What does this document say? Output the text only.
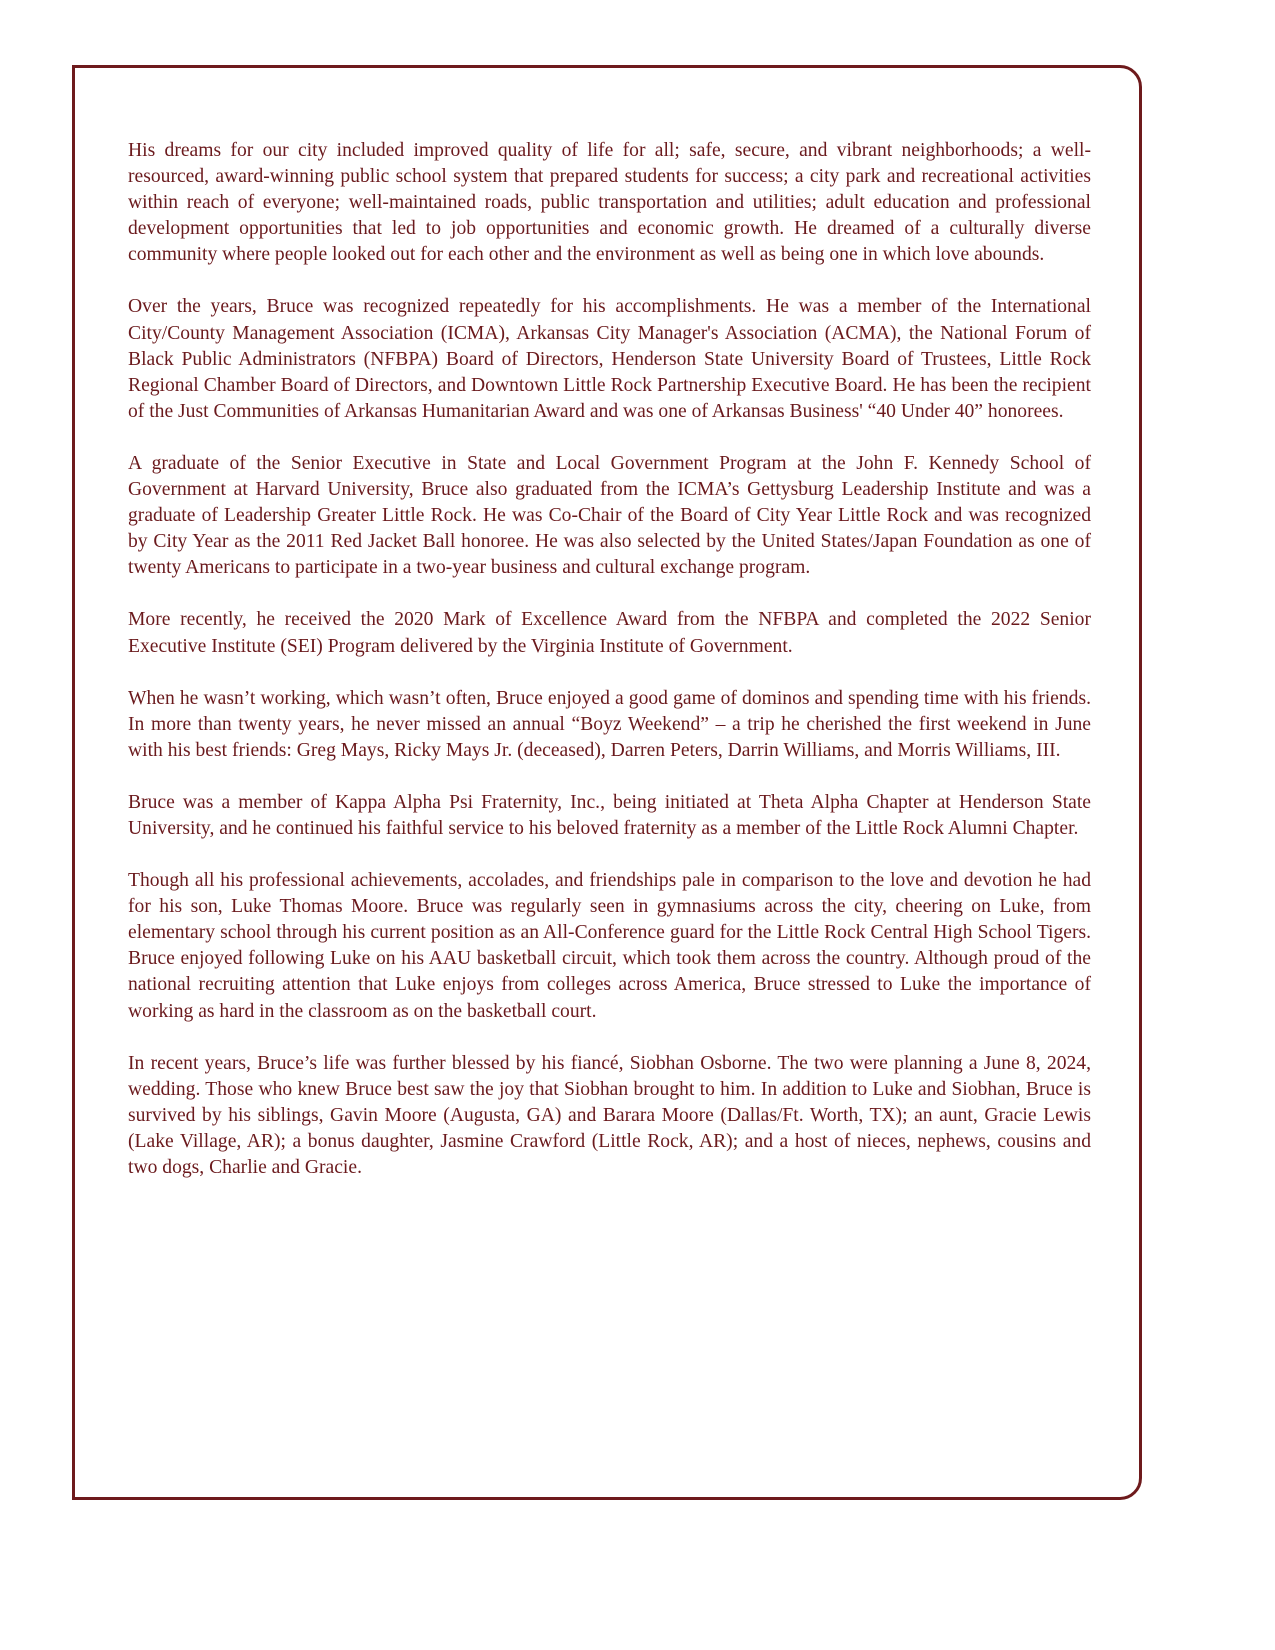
His dreams for our city included improved quality of life for all; safe, secure, and vibrant neighborhoods; a well-resourced, award-winning public school system that prepared students for success; a city park and recreational activities within reach of everyone; well-maintained roads, public transportation and utilities; adult education and professional development opportunities that led to job opportunities and economic growth. He dreamed of a culturally diverse community where people looked out for each other and the environment as well as being one in which love abounds.

Over the years, Bruce was recognized repeatedly for his accomplishments. He was a member of the International City/County Management Association (ICMA), Arkansas City Manager's Association (ACMA), the National Forum of Black Public Administrators (NFBPA) Board of Directors, Henderson State University Board of Trustees, Little Rock Regional Chamber Board of Directors, and Downtown Little Rock Partnership Executive Board. He has been the recipient of the Just Communities of Arkansas Humanitarian Award and was one of Arkansas Business' “40 Under 40” honorees.

A graduate of the Senior Executive in State and Local Government Program at the John F. Kennedy School of Government at Harvard University, Bruce also graduated from the ICMA’s Gettysburg Leadership Institute and was a graduate of Leadership Greater Little Rock. He was Co-Chair of the Board of City Year Little Rock and was recognized by City Year as the 2011 Red Jacket Ball honoree. He was also selected by the United States/Japan Foundation as one of twenty Americans to participate in a two-year business and cultural exchange program.

More recently, he received the 2020 Mark of Excellence Award from the NFBPA and completed the 2022 Senior Executive Institute (SEI) Program delivered by the Virginia Institute of Government.

When he wasn’t working, which wasn’t often, Bruce enjoyed a good game of dominos and spending time with his friends. In more than twenty years, he never missed an annual “Boyz Weekend” – a trip he cherished the first weekend in June with his best friends: Greg Mays, Ricky Mays Jr. (deceased), Darren Peters, Darrin Williams, and Morris Williams, III.

Bruce was a member of Kappa Alpha Psi Fraternity, Inc., being initiated at Theta Alpha Chapter at Henderson State University, and he continued his faithful service to his beloved fraternity as a member of the Little Rock Alumni Chapter.

Though all his professional achievements, accolades, and friendships pale in comparison to the love and devotion he had for his son, Luke Thomas Moore. Bruce was regularly seen in gymnasiums across the city, cheering on Luke, from elementary school through his current position as an All-Conference guard for the Little Rock Central High School Tigers. Bruce enjoyed following Luke on his AAU basketball circuit, which took them across the country. Although proud of the national recruiting attention that Luke enjoys from colleges across America, Bruce stressed to Luke the importance of working as hard in the classroom as on the basketball court.

In recent years, Bruce’s life was further blessed by his fiancé, Siobhan Osborne. The two were planning a June 8, 2024, wedding. Those who knew Bruce best saw the joy that Siobhan brought to him. In addition to Luke and Siobhan, Bruce is survived by his siblings, Gavin Moore (Augusta, GA) and Barara Moore (Dallas/Ft. Worth, TX); an aunt, Gracie Lewis (Lake Village, AR); a bonus daughter, Jasmine Crawford (Little Rock, AR); and a host of nieces, nephews, cousins and two dogs, Charlie and Gracie.
